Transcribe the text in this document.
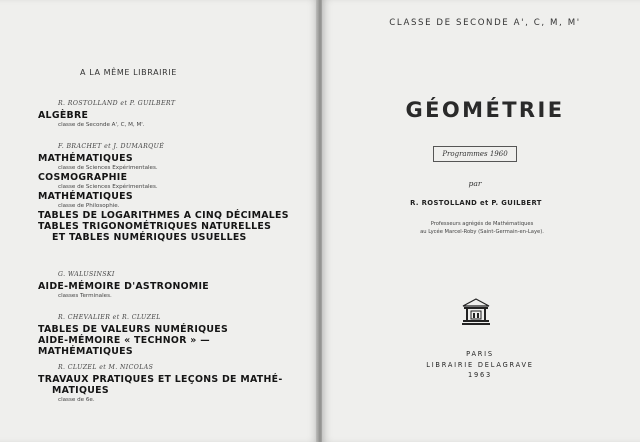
A LA MÊME LIBRAIRIE
R. ROSTOLLAND et P. GUILBERT
ALGÈBRE
classe de Seconde A', C, M, M'.
F. BRACHET et J. DUMARQUÉ
MATHÉMATIQUES
classe de Sciences Expérimentales.
COSMOGRAPHIE
classe de Sciences Expérimentales.
MATHÉMATIQUES
classe de Philosophie.
TABLES DE LOGARITHMES A CINQ DÉCIMALES
TABLES TRIGONOMÉTRIQUES NATURELLES
ET TABLES NUMÉRIQUES USUELLES
G. WALUSINSKI
AIDE-MÉMOIRE D'ASTRONOMIE
classes Terminales.
R. CHEVALIER et R. CLUZEL
TABLES DE VALEURS NUMÉRIQUES
AIDE-MÉMOIRE « TECHNOR » — MATHÉMATIQUES
R. CLUZEL et M. NICOLAS
TRAVAUX PRATIQUES ET LEÇONS DE MATHÉ-
MATIQUES
classe de 6e.
CLASSE DE SECONDE A', C, M, M'
GÉOMÉTRIE
Programmes 1960
par
R. ROSTOLLAND et P. GUILBERT
Professeurs agrégés de Mathématiques
au Lycée Marcel-Roby (Saint-Germain-en-Laye).
PARIS
LIBRAIRIE DELAGRAVE
1963
